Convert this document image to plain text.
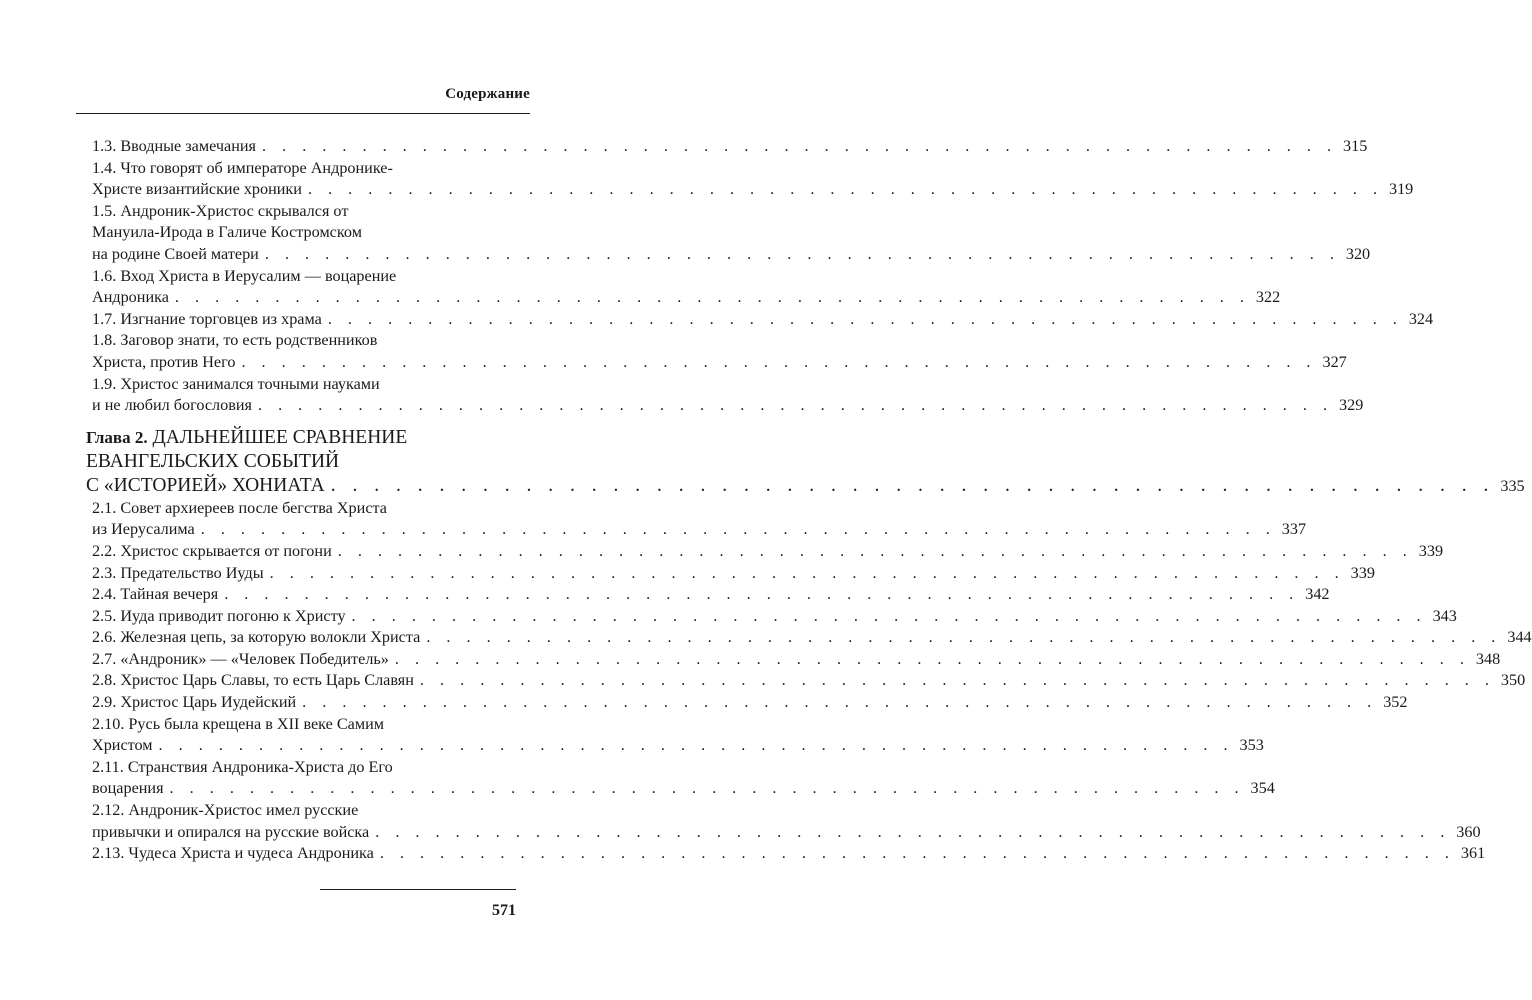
Содержание
1.3. Вводные замечания . . . . . . . . . . . . . . . . . . . . . . . . . . . . . . . . . . . . . . . . . . . . . . . . . . . . . . 315
1.4. Что говорят об императоре Андронике-
Христе византийские хроники . . . . . . . . . . . . . . . . . . . . . . . . . . . . . . . . . . . . . . . . . . . . . . . . . . . . . . 319
1.5. Андроник-Христос скрывался от
Мануила-Ирода в Галиче Костромском
на родине Своей матери . . . . . . . . . . . . . . . . . . . . . . . . . . . . . . . . . . . . . . . . . . . . . . . . . . . . . . 320
1.6. Вход Христа в Иерусалим — воцарение
Андроника . . . . . . . . . . . . . . . . . . . . . . . . . . . . . . . . . . . . . . . . . . . . . . . . . . . . . . 322
1.7. Изгнание торговцев из храма . . . . . . . . . . . . . . . . . . . . . . . . . . . . . . . . . . . . . . . . . . . . . . . . . . . . . . 324
1.8. Заговор знати, то есть родственников
Христа, против Него . . . . . . . . . . . . . . . . . . . . . . . . . . . . . . . . . . . . . . . . . . . . . . . . . . . . . . 327
1.9. Христос занимался точными науками
и не любил богословия . . . . . . . . . . . . . . . . . . . . . . . . . . . . . . . . . . . . . . . . . . . . . . . . . . . . . . 329
Глава 2.
ДАЛЬНЕЙШЕЕ СРАВНЕНИЕ
ЕВАНГЕЛЬСКИХ СОБЫТИЙ
С «ИСТОРИЕЙ» ХОНИАТА . . . . . . . . . . . . . . . . . . . . . . . . . . . . . . . . . . . . . . . . . . . . . . . . . . . . . . 335
2.1. Совет архиереев после бегства Христа
из Иерусалима . . . . . . . . . . . . . . . . . . . . . . . . . . . . . . . . . . . . . . . . . . . . . . . . . . . . . . 337
2.2. Христос скрывается от погони . . . . . . . . . . . . . . . . . . . . . . . . . . . . . . . . . . . . . . . . . . . . . . . . . . . . . . 339
2.3. Предательство Иуды . . . . . . . . . . . . . . . . . . . . . . . . . . . . . . . . . . . . . . . . . . . . . . . . . . . . . . 339
2.4. Тайная вечеря . . . . . . . . . . . . . . . . . . . . . . . . . . . . . . . . . . . . . . . . . . . . . . . . . . . . . . 342
2.5. Иуда приводит погоню к Христу . . . . . . . . . . . . . . . . . . . . . . . . . . . . . . . . . . . . . . . . . . . . . . . . . . . . . . 343
2.6. Железная цепь, за которую волокли Христа . . . . . . . . . . . . . . . . . . . . . . . . . . . . . . . . . . . . . . . . . . . . . . . . . . . . . . 344
2.7. «Андроник» — «Человек Победитель» . . . . . . . . . . . . . . . . . . . . . . . . . . . . . . . . . . . . . . . . . . . . . . . . . . . . . . 348
2.8. Христос Царь Славы, то есть Царь Славян . . . . . . . . . . . . . . . . . . . . . . . . . . . . . . . . . . . . . . . . . . . . . . . . . . . . . . 350
2.9. Христос Царь Иудейский . . . . . . . . . . . . . . . . . . . . . . . . . . . . . . . . . . . . . . . . . . . . . . . . . . . . . . 352
2.10. Русь была крещена в XII веке Самим
Христом . . . . . . . . . . . . . . . . . . . . . . . . . . . . . . . . . . . . . . . . . . . . . . . . . . . . . . 353
2.11. Странствия Андроника-Христа до Его
воцарения . . . . . . . . . . . . . . . . . . . . . . . . . . . . . . . . . . . . . . . . . . . . . . . . . . . . . . 354
2.12. Андроник-Христос имел русские
привычки и опирался на русские войска . . . . . . . . . . . . . . . . . . . . . . . . . . . . . . . . . . . . . . . . . . . . . . . . . . . . . . 360
2.13. Чудеса Христа и чудеса Андроника . . . . . . . . . . . . . . . . . . . . . . . . . . . . . . . . . . . . . . . . . . . . . . . . . . . . . . 361
571
